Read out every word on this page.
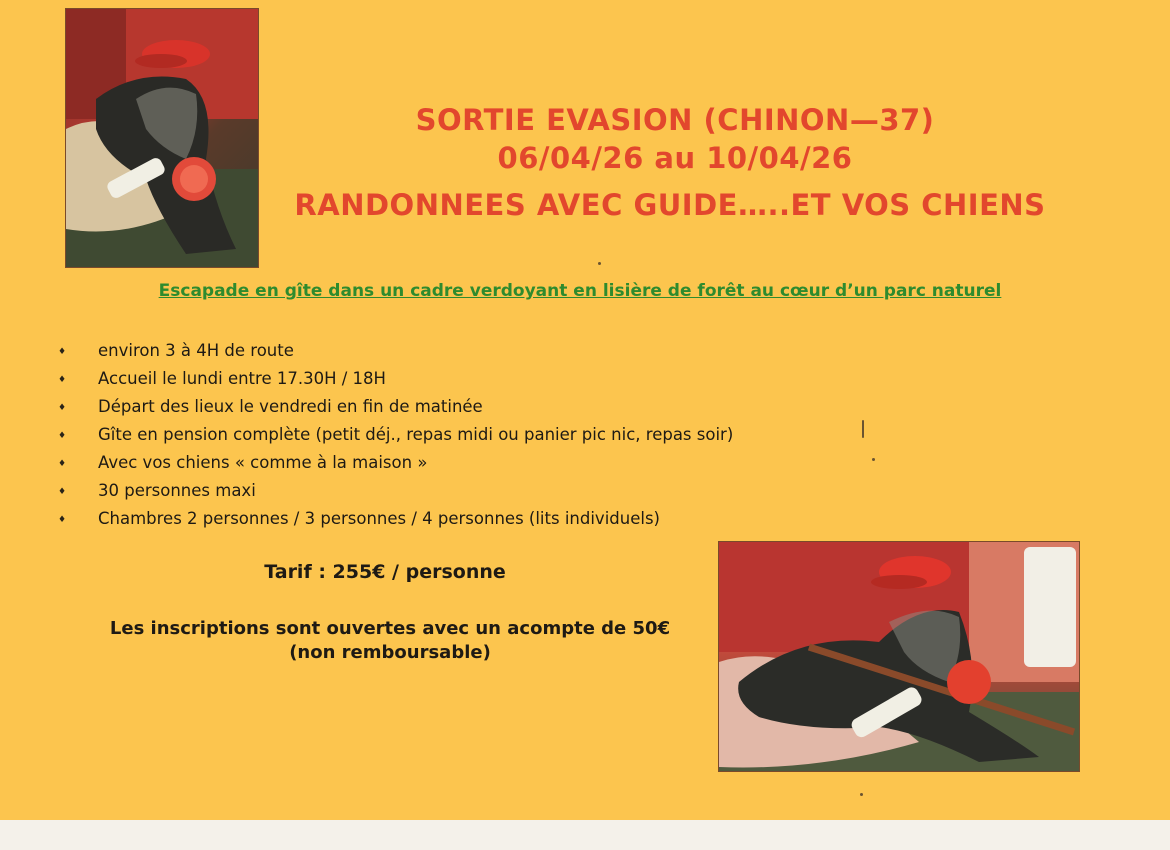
SORTIE EVASION (CHINON—37)
06/04/26 au 10/04/26
RANDONNEES AVEC GUIDE…..ET VOS CHIENS
Escapade en gîte dans un cadre verdoyant en lisière de forêt au cœur d’un parc naturel
♦ environ 3 à 4H de route
♦ Accueil le lundi entre 17.30H / 18H
♦ Départ des lieux le vendredi en fin de matinée
♦ Gîte en pension complète (petit déj., repas midi ou panier pic nic, repas soir)
♦ Avec vos chiens « comme à la maison »
♦ 30 personnes maxi
♦ Chambres 2 personnes / 3 personnes / 4 personnes (lits individuels)
Tarif : 255€ / personne
Les inscriptions sont ouvertes avec un acompte de 50€
(non remboursable)
